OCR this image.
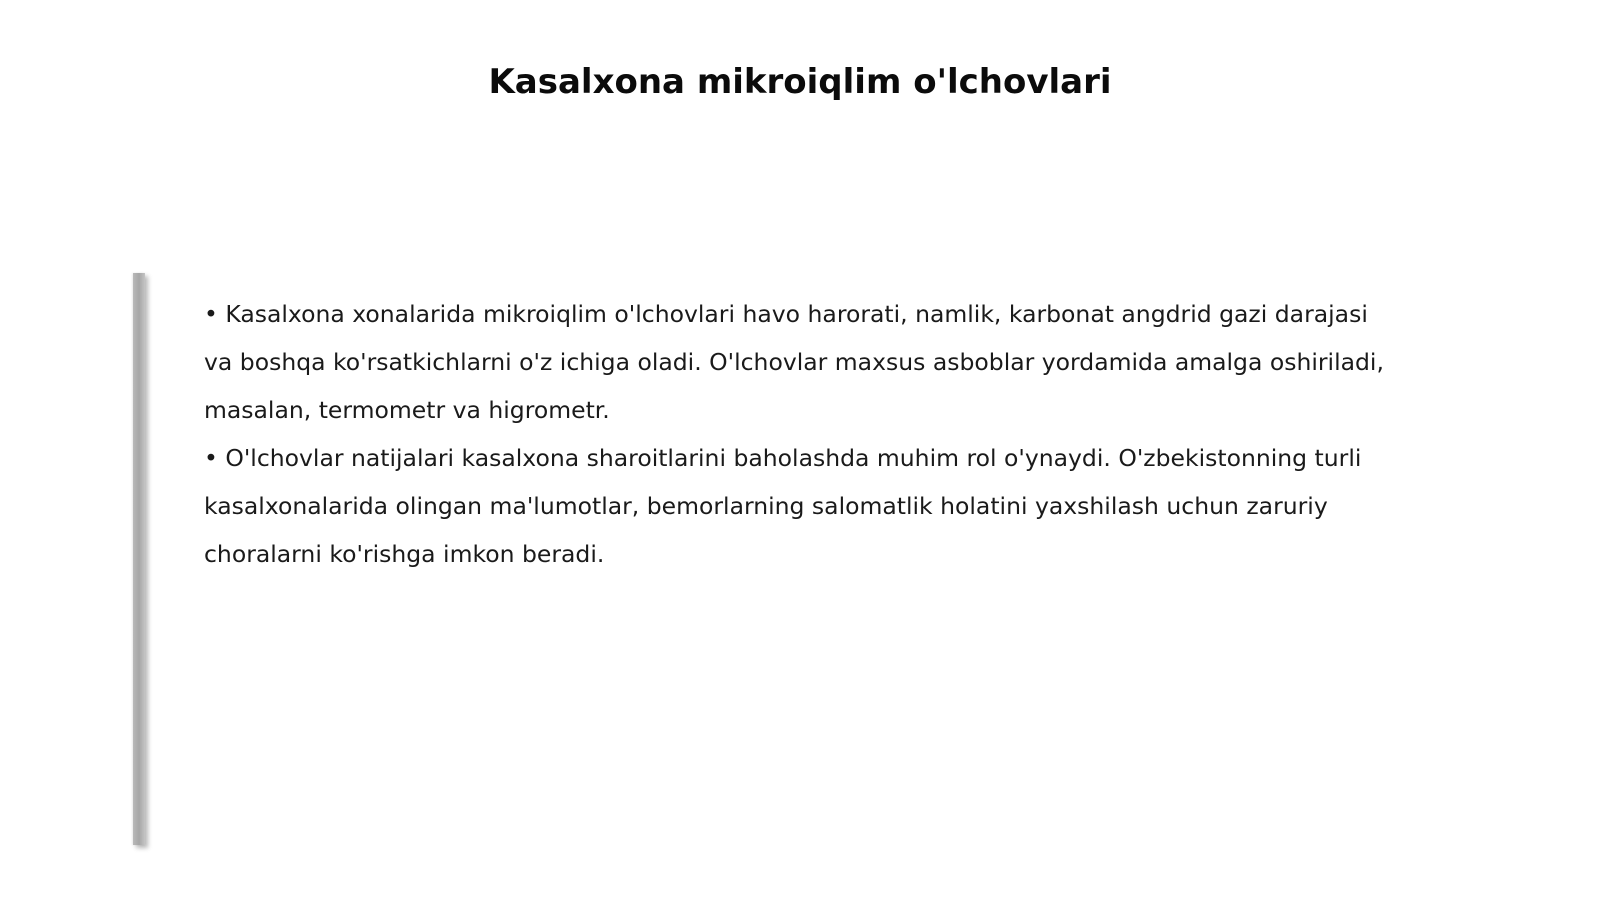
Kasalxona mikroiqlim o'lchovlari

• Kasalxona xonalarida mikroiqlim o'lchovlari havo harorati, namlik, karbonat angdrid gazi darajasi va boshqa ko'rsatkichlarni o'z ichiga oladi. O'lchovlar maxsus asboblar yordamida amalga oshiriladi, masalan, termometr va higrometr.

• O'lchovlar natijalari kasalxona sharoitlarini baholashda muhim rol o'ynaydi. O'zbekistonning turli kasalxonalarida olingan ma'lumotlar, bemorlarning salomatlik holatini yaxshilash uchun zaruriy choralarni ko'rishga imkon beradi.
